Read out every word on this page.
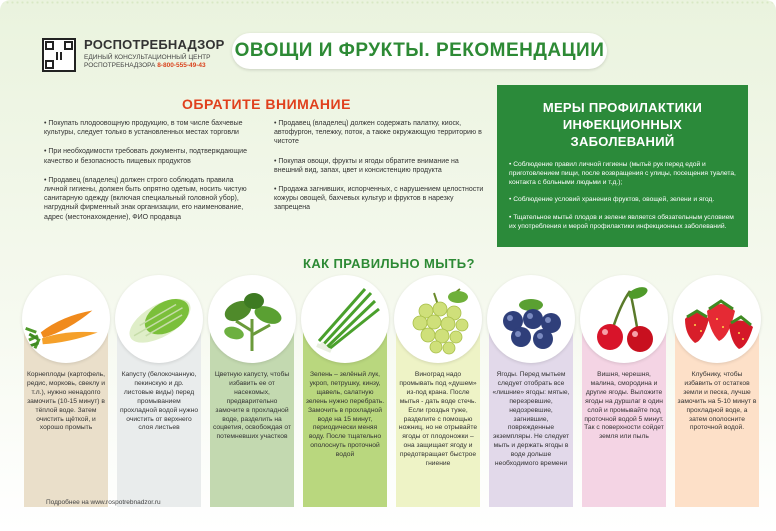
РОСПОТРЕБНАДЗОР
ЕДИНЫЙ КОНСУЛЬТАЦИОННЫЙ ЦЕНТР
РОСПОТРЕБНАДЗОРА 8-800-555-49-43
ОВОЩИ И ФРУКТЫ. РЕКОМЕНДАЦИИ
ОБРАТИТЕ ВНИМАНИЕ

• Покупать плодоовощную продукцию, в том числе бахчевые культуры, следует только в установленных местах торговли

• При необходимости требовать документы, подтверждающие качество и безопасность пищевых продуктов

• Продавец (владелец) должен строго соблюдать правила личной гигиены, должен быть опрятно одетым, носить чистую санитарную одежду (включая специальный головной убор), нагрудный фирменный знак организации, его наименование, адрес (местонахождение), ФИО продавца

• Продавец (владелец) должен содержать палатку, киоск, автофургон, тележку, поток, а также окружающую территорию в чистоте

• Покупая овощи, фрукты и ягоды обратите внимание на внешний вид, запах, цвет и консистенцию продукта

• Продажа загнивших, испорченных, с нарушением целостности кожуры овощей, бахчевых культур и фруктов в нарезку запрещена

МЕРЫ ПРОФИЛАКТИКИ
ИНФЕКЦИОННЫХ ЗАБОЛЕВАНИЙ

• Соблюдение правил личной гигиены (мытьё рук перед едой и приготовлением пищи, после возвращения с улицы, посещения туалета, контакта с больными людьми и т.д.);

• Соблюдение условий хранения фруктов, овощей, зелени и ягод.

• Тщательное мытьё плодов и зелени является обязательным условием их употребления и мерой профилактики инфекционных заболеваний.

КАК ПРАВИЛЬНО МЫТЬ?
Корнеплоды (картофель, редис, морковь, свеклу и т.л.), нужно ненадолго замочить (10-15 минут) в тёплой воде. Затем очистить щёткой, и хорошо промыть
Капусту (белокочанную, пекинскую и др. листовые виды) перед промыванием прохладной водой нужно очистить от верхнего слоя листьев
Цветную капусту, чтобы избавить ее от насекомых, предварительно замочите в прохладной воде, разделить на соцветия, освобождая от потемневших участков
Зелень – зелёный лук, укроп, петрушку, кинзу, щавель, салатную зелень нужно перебрать. Замочить в прохладной воде на 15 минут, периодически меняя воду. После тщательно ополоснуть проточной водой
Виноград надо промывать под «душем» из-под крана. После мытья - дать воде стечь. Если гроздья туже, разделите с помощью ножниц, но не отрывайте ягоды от плодоножки – она защищает ягоду и предотвращает быстрое гниение
Ягоды. Перед мытьем следует отобрать все «лишние» ягоды: мятые, перезревшие, недозревшие, загнившие, поврежденные экземпляры. Не следует мыть и держать ягоды в воде дольше необходимого времени
Вишня, черешня, малина, смородина и другие ягоды. Выложите ягоды на дуршлаг в один слой и промывайте под проточной водой 5 минут. Так с поверхности сойдет земля или пыль
Клубнику, чтобы избавить от остатков земли и песка, лучше замочить на 5-10 минут в прохладной воде, а затем ополосните проточной водой.
Подробнее на www.rospotrebnadzor.ru
